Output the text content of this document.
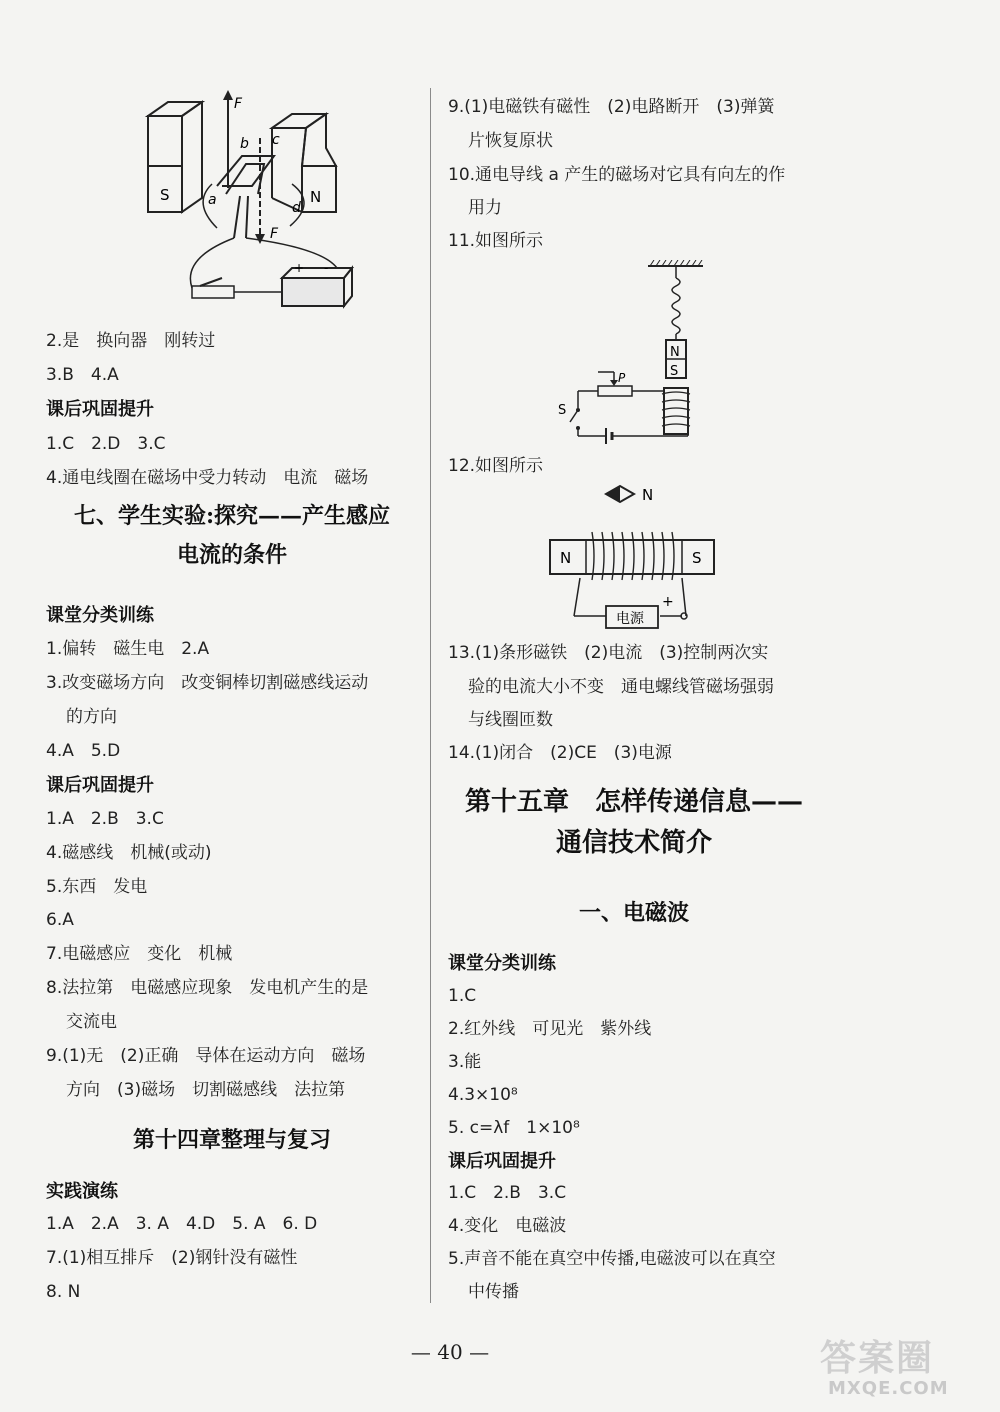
S	N
F
b c
a	d
F
+ -
2.是　换向器　刚转过
3.B　4.A
课后巩固提升
1.C　2.D　3.C
4.通电线圈在磁场中受力转动　电流　磁场
七、学生实验:探究——产生感应
电流的条件
课堂分类训练
1.偏转　磁生电　2.A
3.改变磁场方向　改变铜棒切割磁感线运动
的方向
4.A　5.D
课后巩固提升
1.A　2.B　3.C
4.磁感线　机械(或动)
5.东西　发电
6.A
7.电磁感应　变化　机械
8.法拉第　电磁感应现象　发电机产生的是
交流电
9.(1)无　(2)正确　导体在运动方向　磁场
方向　(3)磁场　切割磁感线　法拉第
第十四章整理与复习
实践演练
1.A　2.A　3. A　4.D　5. A　6. D
7.(1)相互排斥　(2)钢针没有磁性
8. N
9.(1)电磁铁有磁性　(2)电路断开　(3)弹簧
片恢复原状
10.通电导线 a 产生的磁场对它具有向左的作
用力
11.如图所示
N
S
P
S
12.如图所示
N
N	S
电源
+
13.(1)条形磁铁　(2)电流　(3)控制两次实
验的电流大小不变　通电螺线管磁场强弱
与线圈匝数
14.(1)闭合　(2)CE　(3)电源
第十五章　怎样传递信息——
通信技术简介
一、电磁波
课堂分类训练
1.C
2.红外线　可见光　紫外线
3.能
4.3×10⁸
5. c=λf　1×10⁸
课后巩固提升
1.C　2.B　3.C
4.变化　电磁波
5.声音不能在真空中传播,电磁波可以在真空
中传播
— 40 —	答案圈
MXQE.COM
